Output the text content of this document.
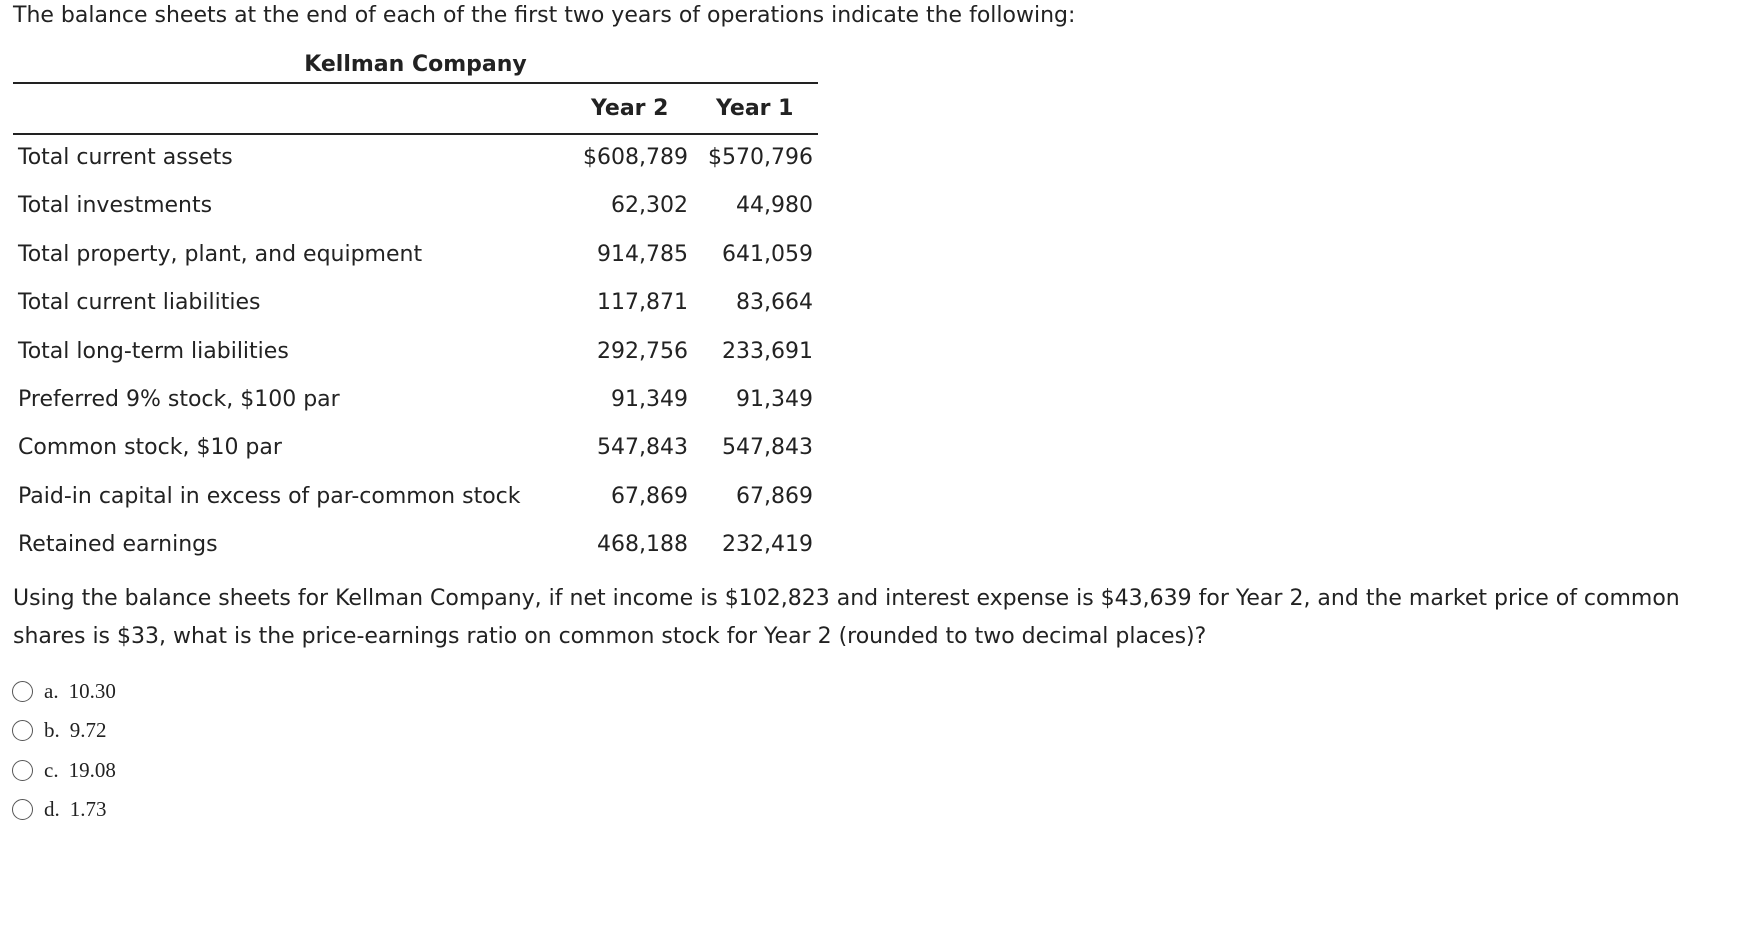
The balance sheets at the end of each of the first two years of operations indicate the following:
Kellman Company
Year 2 Year 1
Total current assets	$608,789 $570,796
Total investments	62,302 44,980
Total property, plant, and equipment	914,785 641,059
Total current liabilities	117,871 83,664
Total long-term liabilities	292,756 233,691
Preferred 9% stock, $100 par	91,349 91,349
Common stock, $10 par	547,843 547,843
Paid-in capital in excess of par-common stock	67,869 67,869
Retained earnings	468,188 232,419
Using the balance sheets for Kellman Company, if net income is $102,823 and interest expense is $43,639 for Year 2, and the market price of common shares is $33, what is the price-earnings ratio on common stock for Year 2 (rounded to two decimal places)?
a. 10.30
b. 9.72
c. 19.08
d. 1.73
